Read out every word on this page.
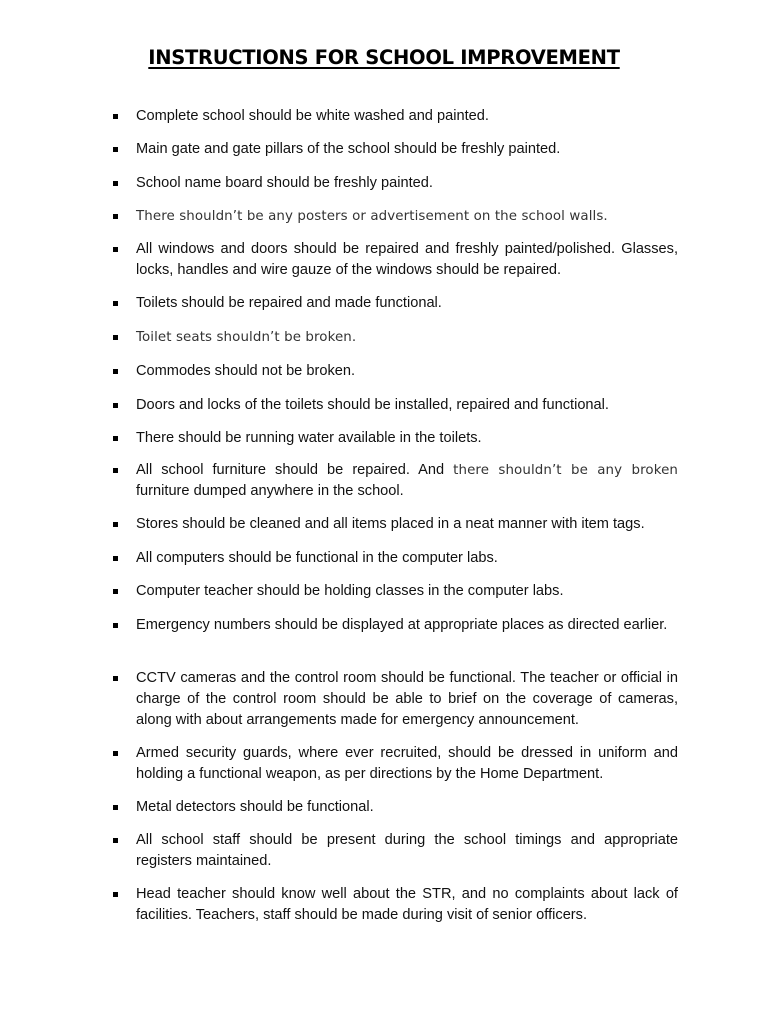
INSTRUCTIONS FOR SCHOOL IMPROVEMENT
Complete school should be white washed and painted.
Main gate and gate pillars of the school should be freshly painted.
School name board should be freshly painted.
There shouldn’t be any posters or advertisement on the school walls.
All windows and doors should be repaired and freshly painted/polished. Glasses, locks, handles and wire gauze of the windows should be repaired.
Toilets should be repaired and made functional.
Toilet seats shouldn’t be broken.
Commodes should not be broken.
Doors and locks of the toilets should be installed, repaired and functional.
There should be running water available in the toilets.
All school furniture should be repaired. And there shouldn’t be any broken furniture dumped anywhere in the school.
Stores should be cleaned and all items placed in a neat manner with item tags.
All computers should be functional in the computer labs.
Computer teacher should be holding classes in the computer labs.
Emergency numbers should be displayed at appropriate places as directed earlier.
CCTV cameras and the control room should be functional. The teacher or official in charge of the control room should be able to brief on the coverage of cameras, along with about arrangements made for emergency announcement.
Armed security guards, where ever recruited, should be dressed in uniform and holding a functional weapon, as per directions by the Home Department.
Metal detectors should be functional.
All school staff should be present during the school timings and appropriate registers maintained.
Head teacher should know well about the STR, and no complaints about lack of facilities. Teachers, staff should be made during visit of senior officers.
